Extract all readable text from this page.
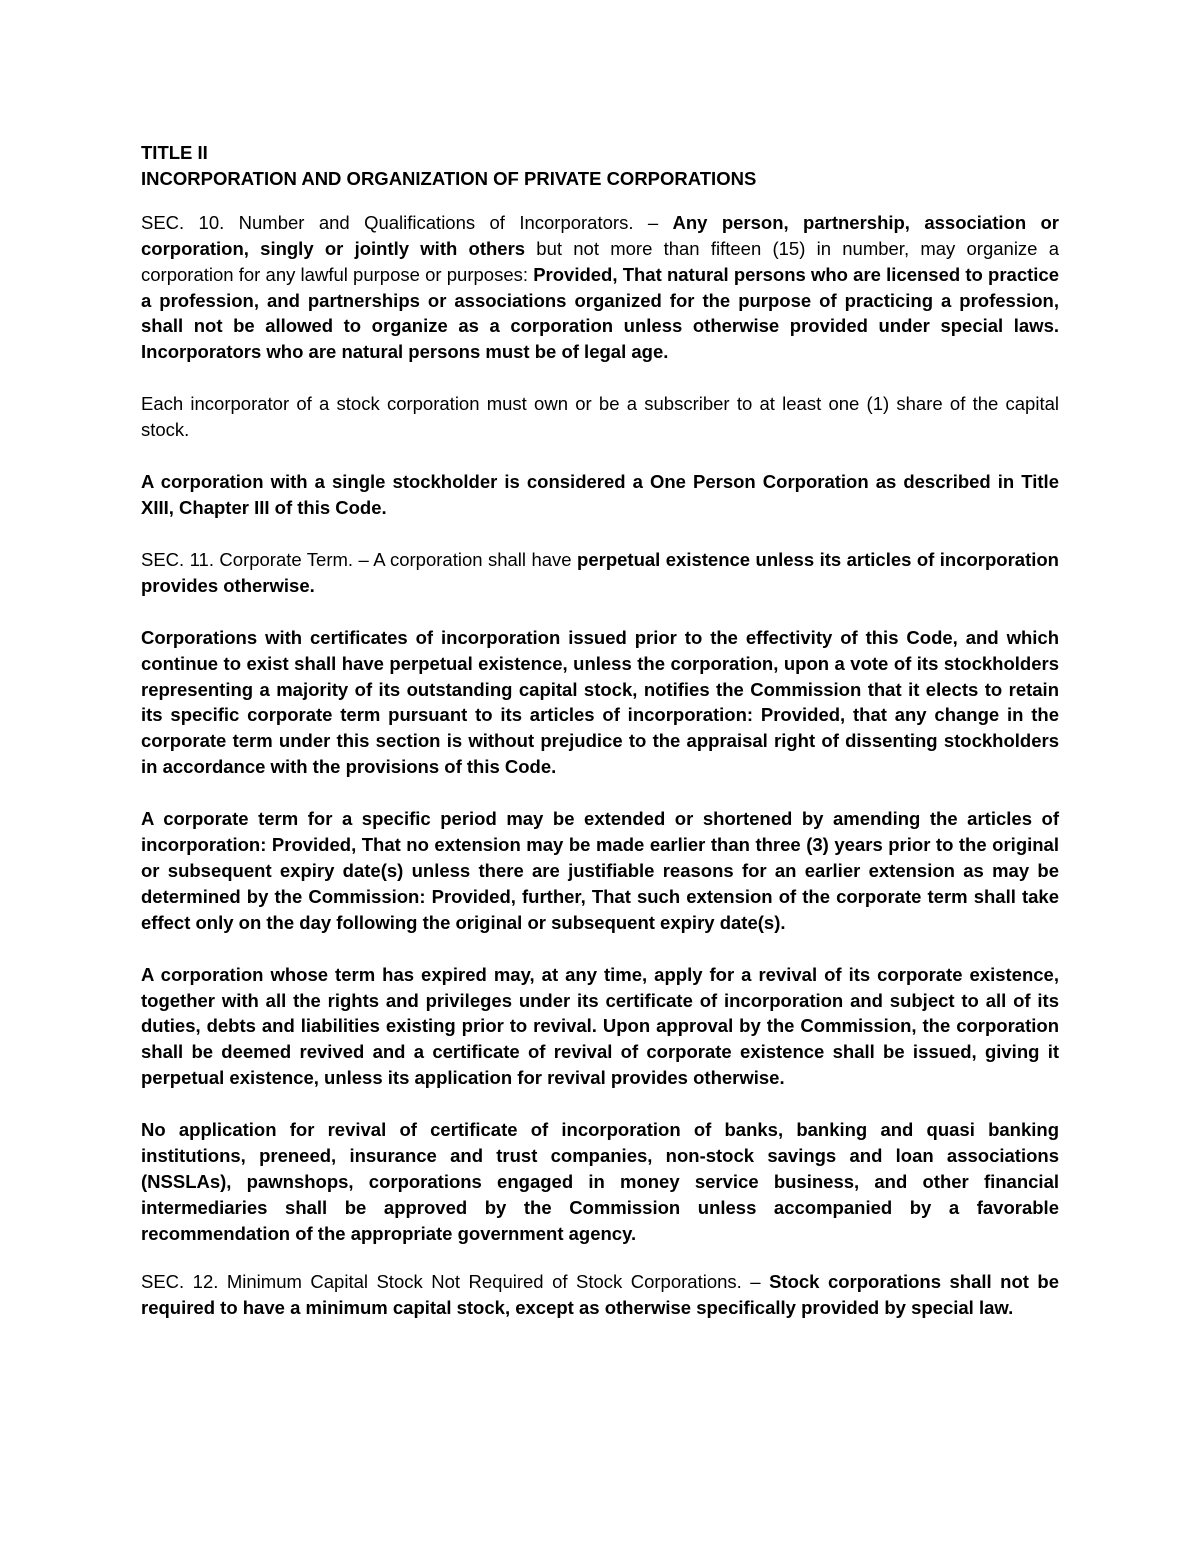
TITLE II
INCORPORATION AND ORGANIZATION OF PRIVATE CORPORATIONS

SEC. 10. Number and Qualifications of Incorporators. – Any person, partnership, association or corporation, singly or jointly with others but not more than fifteen (15) in number, may organize a corporation for any lawful purpose or purposes: Provided, That natural persons who are licensed to practice a profession, and partnerships or associations organized for the purpose of practicing a profession, shall not be allowed to organize as a corporation unless otherwise provided under special laws. Incorporators who are natural persons must be of legal age.

Each incorporator of a stock corporation must own or be a subscriber to at least one (1) share of the capital stock.

A corporation with a single stockholder is considered a One Person Corporation as described in Title XIII, Chapter III of this Code.

SEC. 11. Corporate Term. – A corporation shall have perpetual existence unless its articles of incorporation provides otherwise.

Corporations with certificates of incorporation issued prior to the effectivity of this Code, and which continue to exist shall have perpetual existence, unless the corporation, upon a vote of its stockholders representing a majority of its outstanding capital stock, notifies the Commission that it elects to retain its specific corporate term pursuant to its articles of incorporation: Provided, that any change in the corporate term under this section is without prejudice to the appraisal right of dissenting stockholders in accordance with the provisions of this Code.

A corporate term for a specific period may be extended or shortened by amending the articles of incorporation: Provided, That no extension may be made earlier than three (3) years prior to the original or subsequent expiry date(s) unless there are justifiable reasons for an earlier extension as may be determined by the Commission: Provided, further, That such extension of the corporate term shall take effect only on the day following the original or subsequent expiry date(s).

A corporation whose term has expired may, at any time, apply for a revival of its corporate existence, together with all the rights and privileges under its certificate of incorporation and subject to all of its duties, debts and liabilities existing prior to revival. Upon approval by the Commission, the corporation shall be deemed revived and a certificate of revival of corporate existence shall be issued, giving it perpetual existence, unless its application for revival provides otherwise.

No application for revival of certificate of incorporation of banks, banking and quasi banking institutions, preneed, insurance and trust companies, non-stock savings and loan associations (NSSLAs), pawnshops, corporations engaged in money service business, and other financial intermediaries shall be approved by the Commission unless accompanied by a favorable recommendation of the appropriate government agency.

SEC. 12. Minimum Capital Stock Not Required of Stock Corporations. – Stock corporations shall not be required to have a minimum capital stock, except as otherwise specifically provided by special law.
